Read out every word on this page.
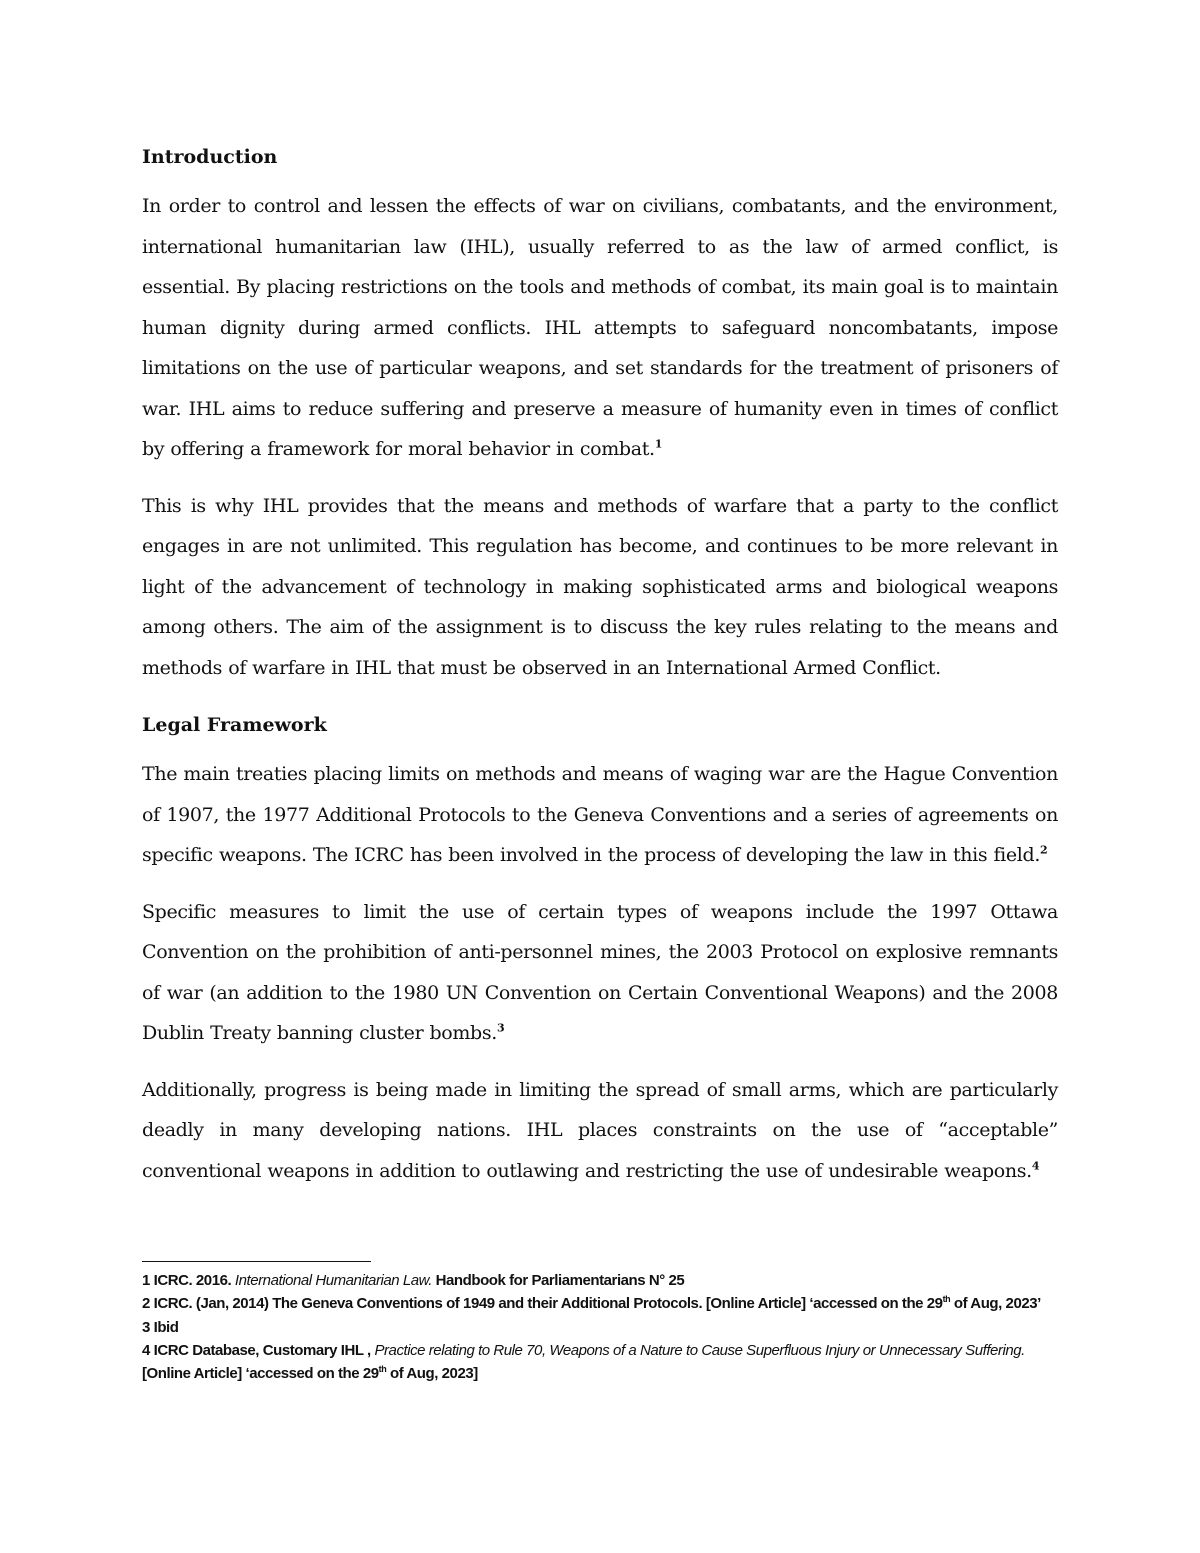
Introduction

In order to control and lessen the effects of war on civilians, combatants, and the environment, international humanitarian law (IHL), usually referred to as the law of armed conflict, is essential. By placing restrictions on the tools and methods of combat, its main goal is to maintain human dignity during armed conflicts. IHL attempts to safeguard noncombatants, impose limitations on the use of particular weapons, and set standards for the treatment of prisoners of war. IHL aims to reduce suffering and preserve a measure of humanity even in times of conflict by offering a framework for moral behavior in combat.$^1$

This is why IHL provides that the means and methods of warfare that a party to the conflict engages in are not unlimited. This regulation has become, and continues to be more relevant in light of the advancement of technology in making sophisticated arms and biological weapons among others. The aim of the assignment is to discuss the key rules relating to the means and methods of warfare in IHL that must be observed in an International Armed Conflict.

Legal Framework

The main treaties placing limits on methods and means of waging war are the Hague Convention of 1907, the 1977 Additional Protocols to the Geneva Conventions and a series of agreements on specific weapons. The ICRC has been involved in the process of developing the law in this field.$^2$

Specific measures to limit the use of certain types of weapons include the 1997 Ottawa Convention on the prohibition of anti-personnel mines, the 2003 Protocol on explosive remnants of war (an addition to the 1980 UN Convention on Certain Conventional Weapons) and the 2008 Dublin Treaty banning cluster bombs.$^3$

Additionally, progress is being made in limiting the spread of small arms, which are particularly deadly in many developing nations. IHL places constraints on the use of “acceptable” conventional weapons in addition to outlawing and restricting the use of undesirable weapons.$^4$

1 ICRC. 2016. International Humanitarian Law. Handbook for Parliamentarians N° 25
2 ICRC. (Jan, 2014) The Geneva Conventions of 1949 and their Additional Protocols. [Online Article] ‘accessed on the 29th of Aug, 2023’
3 Ibid
4 ICRC Database, Customary IHL , Practice relating to Rule 70, Weapons of a Nature to Cause Superfluous Injury or Unnecessary Suffering. [Online Article] ‘accessed on the 29th of Aug, 2023]
